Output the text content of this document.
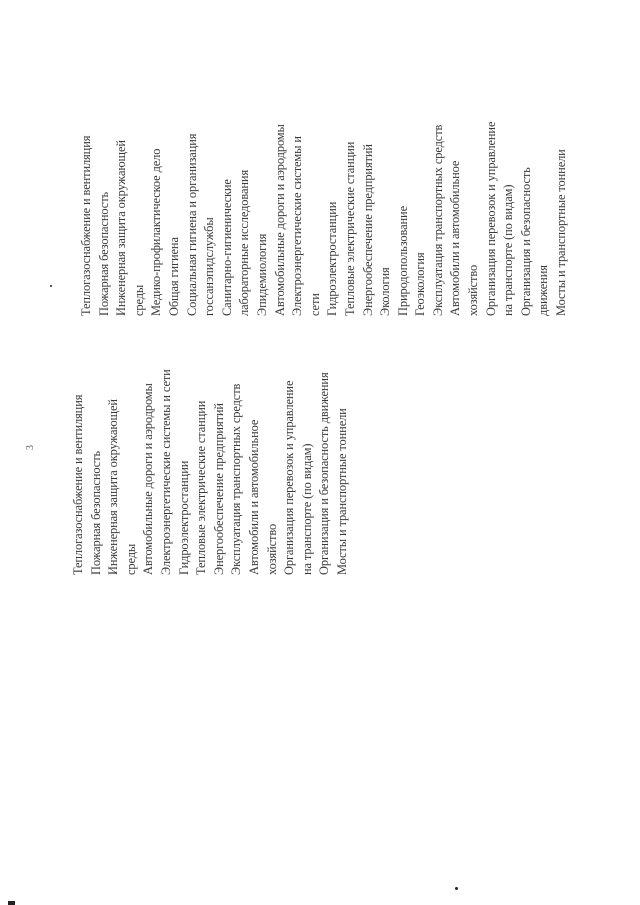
3	Теплогазоснабжение и вентиляция Пожарная безопасность Инженерная защита окружающей среды Автомобильные дороги и аэродромы Электроэнергетические системы и сети Гидроэлектростанции Тепловые электрические станции Энергообеспечение предприятий Эксплуатация транспортных средств Автомобили и автомобильное хозяйство Организация перевозок и управление на транспорте (по видам) Организация и безопасность движения Мосты и транспортные тоннели
Теплогазоснабжение и вентиляция Пожарная безопасность Инженерная защита окружающей среды Медико-профилактическое дело Общая гигиена Социальная гигиена и организация госсанэпидслужбы Санитарно-гигиенические лабораторные исследования Эпидемиология Автомобильные дороги и аэродромы Электроэнергетические системы и сети Гидроэлектростанции Тепловые электрические станции Энергообеспечение предприятий Экология Природопользование Геоэкология Эксплуатация транспортных средств Автомобили и автомобильное хозяйство Организация перевозок и управление на транспорте (по видам) Организация и безопасность движения Мосты и транспортные тоннели
